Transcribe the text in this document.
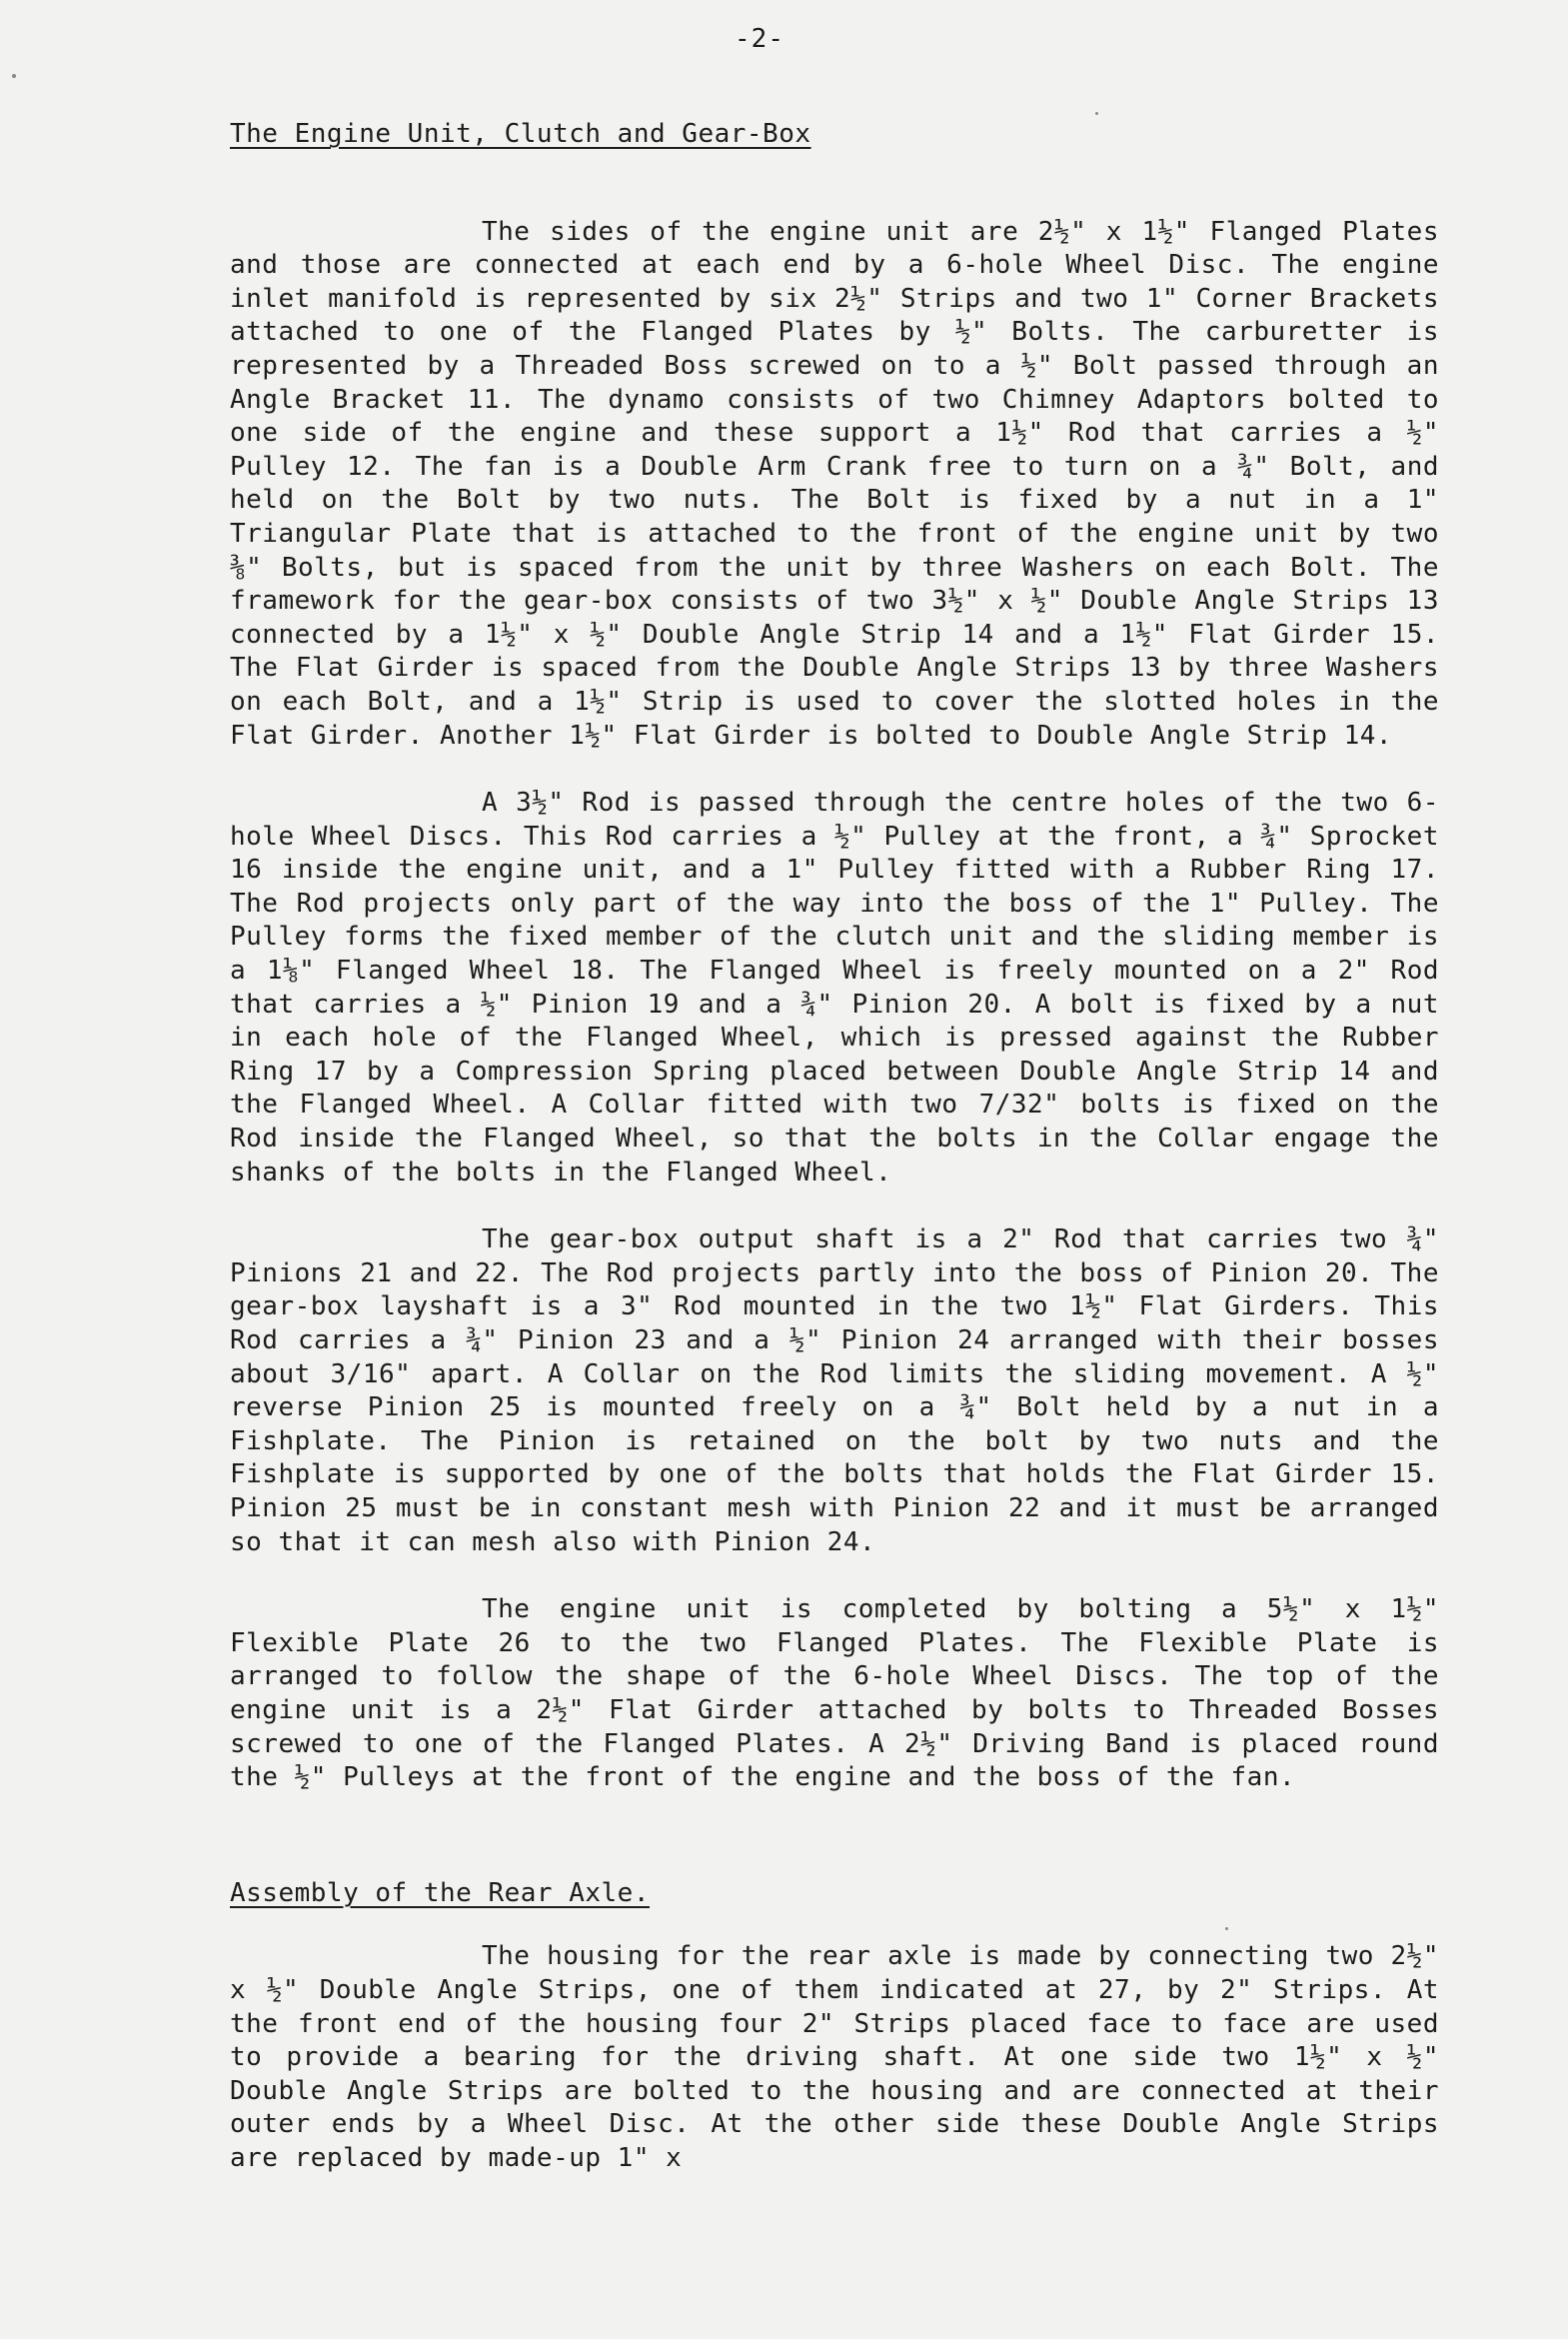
-2-
The Engine Unit, Clutch and Gear-Box

The sides of the engine unit are 2½" x 1½" Flanged Plates and those are connected at each end by a 6-hole Wheel Disc. The engine inlet manifold is represented by six 2½" Strips and two 1" Corner Brackets attached to one of the Flanged Plates by ½" Bolts. The carburetter is represented by a Threaded Boss screwed on to a ½" Bolt passed through an Angle Bracket 11. The dynamo consists of two Chimney Adaptors bolted to one side of the engine and these support a 1½" Rod that carries a ½" Pulley 12. The fan is a Double Arm Crank free to turn on a ¾" Bolt, and held on the Bolt by two nuts. The Bolt is fixed by a nut in a 1" Triangular Plate that is attached to the front of the engine unit by two ⅜" Bolts, but is spaced from the unit by three Washers on each Bolt. The framework for the gear-box consists of two 3½" x ½" Double Angle Strips 13 connected by a 1½" x ½" Double Angle Strip 14 and a 1½" Flat Girder 15. The Flat Girder is spaced from the Double Angle Strips 13 by three Washers on each Bolt, and a 1½" Strip is used to cover the slotted holes in the Flat Girder. Another 1½" Flat Girder is bolted to Double Angle Strip 14.

A 3½" Rod is passed through the centre holes of the two 6-hole Wheel Discs. This Rod carries a ½" Pulley at the front, a ¾" Sprocket 16 inside the engine unit, and a 1" Pulley fitted with a Rubber Ring 17. The Rod projects only part of the way into the boss of the 1" Pulley. The Pulley forms the fixed member of the clutch unit and the sliding member is a 1⅛" Flanged Wheel 18. The Flanged Wheel is freely mounted on a 2" Rod that carries a ½" Pinion 19 and a ¾" Pinion 20. A bolt is fixed by a nut in each hole of the Flanged Wheel, which is pressed against the Rubber Ring 17 by a Compression Spring placed between Double Angle Strip 14 and the Flanged Wheel. A Collar fitted with two 7/32" bolts is fixed on the Rod inside the Flanged Wheel, so that the bolts in the Collar engage the shanks of the bolts in the Flanged Wheel.

The gear-box output shaft is a 2" Rod that carries two ¾" Pinions 21 and 22. The Rod projects partly into the boss of Pinion 20. The gear-box layshaft is a 3" Rod mounted in the two 1½" Flat Girders. This Rod carries a ¾" Pinion 23 and a ½" Pinion 24 arranged with their bosses about 3/16" apart. A Collar on the Rod limits the sliding movement. A ½" reverse Pinion 25 is mounted freely on a ¾" Bolt held by a nut in a Fishplate. The Pinion is retained on the bolt by two nuts and the Fishplate is supported by one of the bolts that holds the Flat Girder 15. Pinion 25 must be in constant mesh with Pinion 22 and it must be arranged so that it can mesh also with Pinion 24.

The engine unit is completed by bolting a 5½" x 1½" Flexible Plate 26 to the two Flanged Plates. The Flexible Plate is arranged to follow the shape of the 6-hole Wheel Discs. The top of the engine unit is a 2½" Flat Girder attached by bolts to Threaded Bosses screwed to one of the Flanged Plates. A 2½" Driving Band is placed round the ½" Pulleys at the front of the engine and the boss of the fan.

Assembly of the Rear Axle.

The housing for the rear axle is made by connecting two 2½" x ½" Double Angle Strips, one of them indicated at 27, by 2" Strips. At the front end of the housing four 2" Strips placed face to face are used to provide a bearing for the driving shaft. At one side two 1½" x ½" Double Angle Strips are bolted to the housing and are connected at their outer ends by a Wheel Disc. At the other side these Double Angle Strips are replaced by made-up 1" x
